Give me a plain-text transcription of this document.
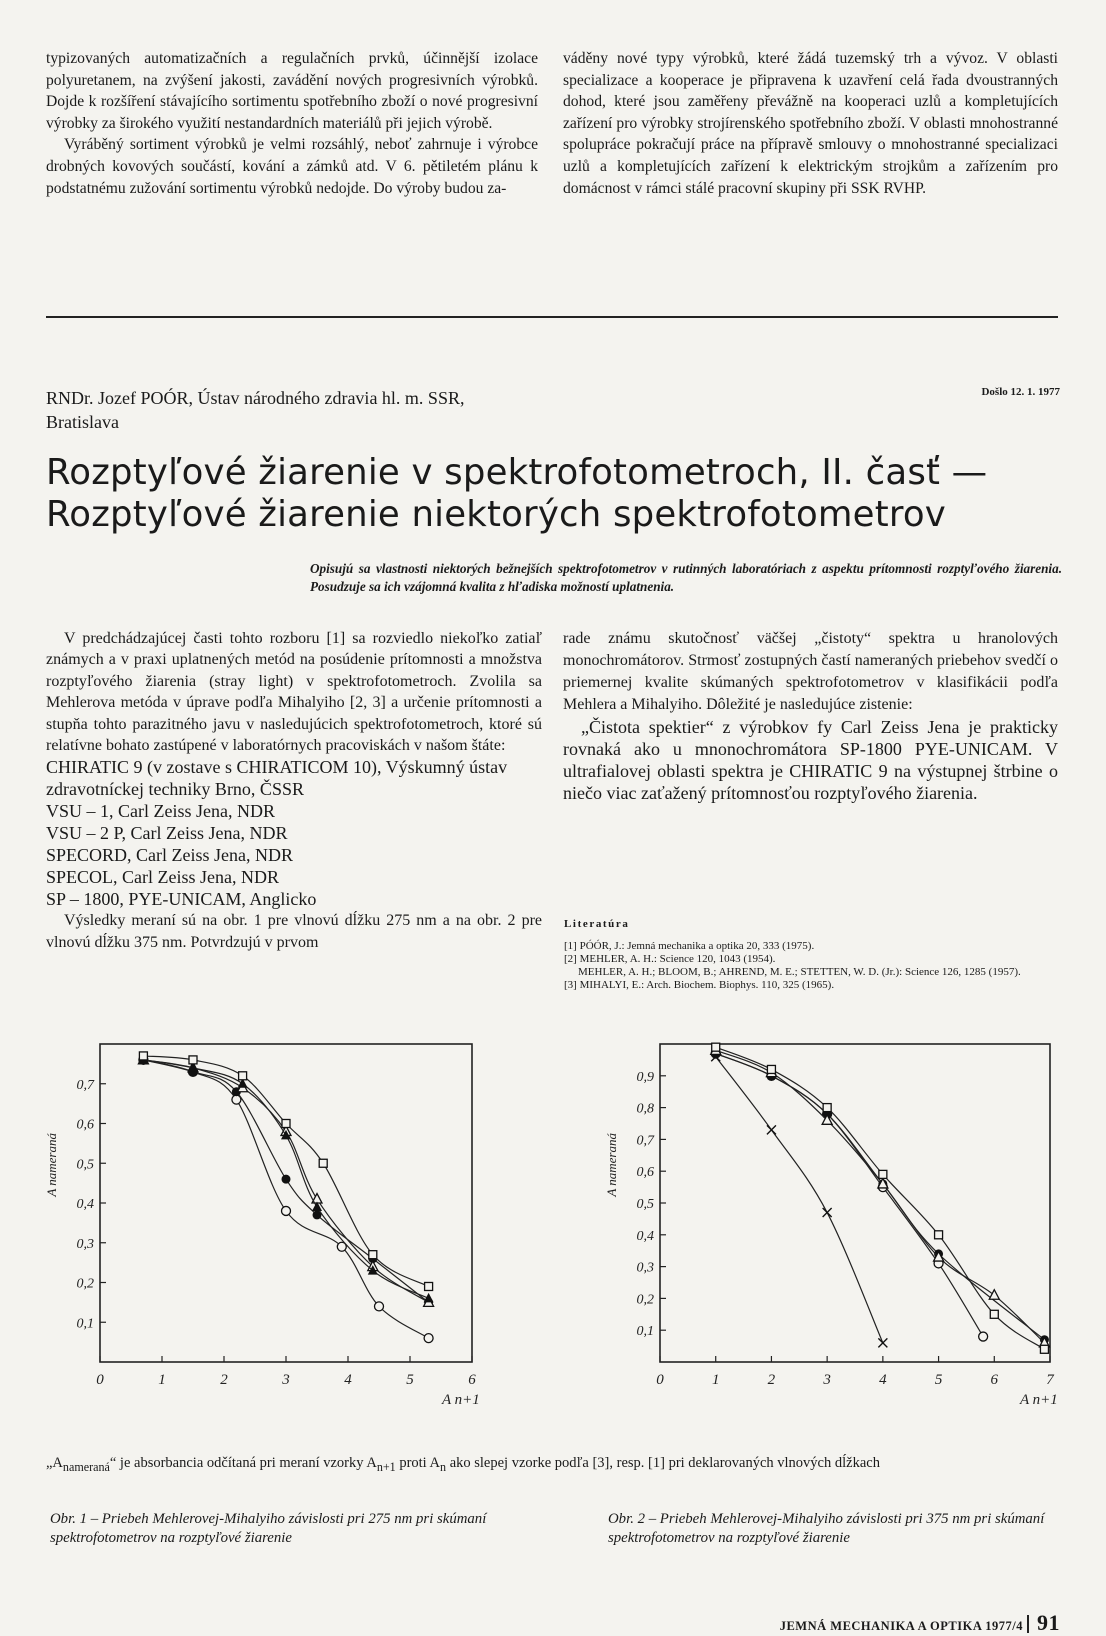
typizovaných automatizačních a regulačních prvků, účinnější izolace polyuretanem, na zvýšení jakosti, zavádění nových progresivních výrobků. Dojde k rozšíření stávajícího sortimentu spotřebního zboží o nové progresivní výrobky za širokého využití nestandardních materiálů při jejich výrobě.

Vyráběný sortiment výrobků je velmi rozsáhlý, neboť zahrnuje i výrobce drobných kovových součástí, kování a zámků atd. V 6. pětiletém plánu k podstatnému zužování sortimentu výrobků nedojde. Do výroby budou za-

váděny nové typy výrobků, které žádá tuzemský trh a vývoz. V oblasti specializace a kooperace je připravena k uzavření celá řada dvoustranných dohod, které jsou zaměřeny převážně na kooperaci uzlů a kompletujících zařízení pro výrobky strojírenského spotřebního zboží. V oblasti mnohostranné spolupráce pokračují práce na přípravě smlouvy o mnohostranné specializaci uzlů a kompletujících zařízení k elektrickým strojkům a zařízením pro domácnost v rámci stálé pracovní skupiny při SSK RVHP.

RNDr. Jozef POÓR, Ústav národného zdravia hl. m. SSR,
Bratislava
Došlo 12. 1. 1977
Rozptyľové žiarenie v spektrofotometroch, II. časť — Rozptyľové žiarenie niektorých spektrofotometrov
Opisujú sa vlastnosti niektorých bežnejších spektrofotometrov v rutinných laboratóriach z aspektu prítomnosti rozptyľového žiarenia. Posudzuje sa ich vzájomná kvalita z hľadiska možností uplatnenia.

V predchádzajúcej časti tohto rozboru [1] sa rozviedlo niekoľko zatiaľ známych a v praxi uplatnených metód na posúdenie prítomnosti a množstva rozptyľového žiarenia (stray light) v spektrofotometroch. Zvolila sa Mehlerova metóda v úprave podľa Mihalyiho [2, 3] a určenie prítomnosti a stupňa tohto parazitného javu v nasledujúcich spektrofotometroch, ktoré sú relatívne bohato zastúpené v laboratórnych pracoviskách v našom štáte:

CHIRATIC 9 (v zostave s CHIRATICOM 10), Výskumný ústav zdravotníckej techniky Brno, ČSSR
VSU – 1, Carl Zeiss Jena, NDR
VSU – 2 P, Carl Zeiss Jena, NDR
SPECORD, Carl Zeiss Jena, NDR
SPECOL, Carl Zeiss Jena, NDR
SP – 1800, PYE-UNICAM, Anglicko

Výsledky meraní sú na obr. 1 pre vlnovú dĺžku 275 nm a na obr. 2 pre vlnovú dĺžku 375 nm. Potvrdzujú v prvom

rade známu skutočnosť väčšej „čistoty“ spektra u hranolových monochromátorov. Strmosť zostupných častí nameraných priebehov svedčí o priemernej kvalite skúmaných spektrofotometrov v klasifikácii podľa Mehlera a Mihalyiho. Dôležité je nasledujúce zistenie:

„Čistota spektier“ z výrobkov fy Carl Zeiss Jena je prakticky rovnaká ako u mnonochromátora SP-1800 PYE-UNICAM. V ultrafialovej oblasti spektra je CHIRATIC 9 na výstupnej štrbine o niečo viac zaťažený prítomnosťou rozptyľového žiarenia.

Literatúra
[1] PÓÓR, J.: Jemná mechanika a optika 20, 333 (1975).
[2] MEHLER, A. H.: Science 120, 1043 (1954).
MEHLER, A. H.; BLOOM, B.; AHREND, M. E.; STETTEN, W. D. (Jr.): Science 126, 1285 (1957).
[3] MIHALYI, E.: Arch. Biochem. Biophys. 110, 325 (1965).
0	1	2	3	4	5	6
0,1
0,2
0,3
0,4
0,5
0,6
0,7
A n+1
A nameraná
0	1	2	3	4	5	6	7
0,1
0,2
0,3
0,4
0,5
0,6
0,7
0,8
0,9
A n+1
A nameraná
$„A_{nameraná}“$ je absorbancia odčítaná pri meraní vzorky $A_{n+1}$ proti $A_n$ ako slepej vzorke podľa [3], resp. [1] pri deklarovaných vlnových dĺžkach
Obr. 1 – Priebeh Mehlerovej-Mihalyiho závislosti pri 275 nm pri skúmaní spektrofotometrov na rozptyľové žiarenie
Obr. 2 – Priebeh Mehlerovej-Mihalyiho závislosti pri 375 nm pri skúmaní spektrofotometrov na rozptyľové žiarenie
JEMNÁ MECHANIKA A OPTIKA 1977/4 91
